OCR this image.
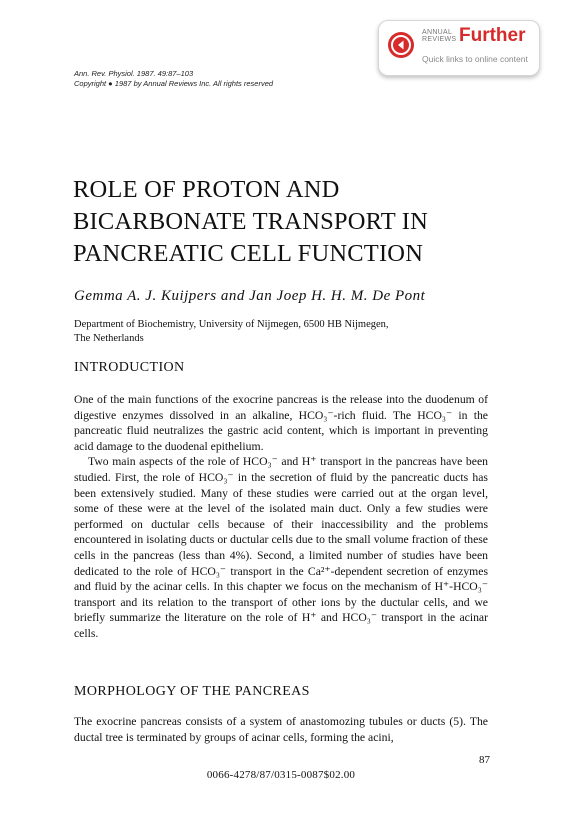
ANNUAL
REVIEWS Further
Quick links to online content
Ann. Rev. Physiol. 1987. 49:87–103
Copyright ● 1987 by Annual Reviews Inc. All rights reserved
ROLE OF PROTON AND
BICARBONATE TRANSPORT IN
PANCREATIC CELL FUNCTION
Gemma A. J. Kuijpers and Jan Joep H. H. M. De Pont
Department of Biochemistry, University of Nijmegen, 6500 HB Nijmegen,
The Netherlands
INTRODUCTION

One of the main functions of the exocrine pancreas is the release into the duodenum of digestive enzymes dissolved in an alkaline, HCO₃⁻-rich fluid. The HCO₃⁻ in the pancreatic fluid neutralizes the gastric acid content, which is important in preventing acid damage to the duodenal epithelium.

Two main aspects of the role of HCO₃⁻ and H⁺ transport in the pancreas have been studied. First, the role of HCO₃⁻ in the secretion of fluid by the pancreatic ducts has been extensively studied. Many of these studies were carried out at the organ level, some of these were at the level of the isolated main duct. Only a few studies were performed on ductular cells because of their inaccessibility and the problems encountered in isolating ducts or ductular cells due to the small volume fraction of these cells in the pancreas (less than 4%). Second, a limited number of studies have been dedicated to the role of HCO₃⁻ transport in the Ca²⁺-dependent secretion of enzymes and fluid by the acinar cells. In this chapter we focus on the mechanism of H⁺-HCO₃⁻ transport and its relation to the transport of other ions by the ductular cells, and we briefly summarize the literature on the role of H⁺ and HCO₃⁻ transport in the acinar cells.

MORPHOLOGY OF THE PANCREAS

The exocrine pancreas consists of a system of anastomozing tubules or ducts (5). The ductal tree is terminated by groups of acinar cells, forming the acini,

87
0066-4278/87/0315-0087$02.00
